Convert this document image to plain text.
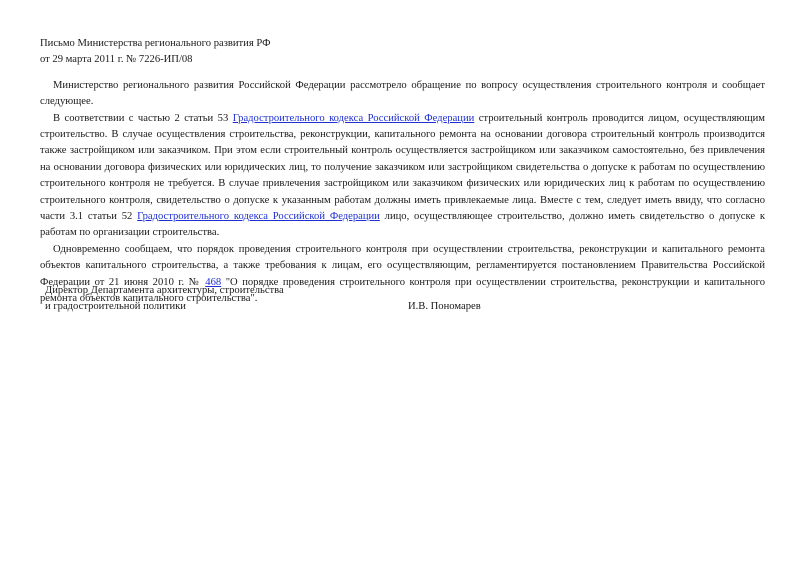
Письмо Министерства регионального развития РФ
от 29 марта 2011 г. № 7226-ИП/08

Министерство регионального развития Российской Федерации рассмотрело обращение по вопросу осуществления строительного контроля и сообщает следующее.

В соответствии с частью 2 статьи 53 Градостроительного кодекса Российской Федерации строительный контроль проводится лицом, осуществляющим строительство. В случае осуществления строительства, реконструкции, капитального ремонта на основании договора строительный контроль производится также застройщиком или заказчиком. При этом если строительный контроль осуществляется застройщиком или заказчиком самостоятельно, без привлечения на основании договора физических или юридических лиц, то получение заказчиком или застройщиком свидетельства о допуске к работам по осуществлению строительного контроля не требуется. В случае привлечения застройщиком или заказчиком физических или юридических лиц к работам по осуществлению строительного контроля, свидетельство о допуске к указанным работам должны иметь привлекаемые лица. Вместе с тем, следует иметь ввиду, что согласно части 3.1 статьи 52 Градостроительного кодекса Российской Федерации лицо, осуществляющее строительство, должно иметь свидетельство о допуске к работам по организации строительства.

Одновременно сообщаем, что порядок проведения строительного контроля при осуществлении строительства, реконструкции и капитального ремонта объектов капитального строительства, а также требования к лицам, его осуществляющим, регламентируется постановлением Правительства Российской Федерации от 21 июня 2010 г. № 468 "О порядке проведения строительного контроля при осуществлении строительства, реконструкции и капитального ремонта объектов капитального строительства".

Директор Департамента архитектуры, строительства
и градостроительной политики	И.В. Пономарев
